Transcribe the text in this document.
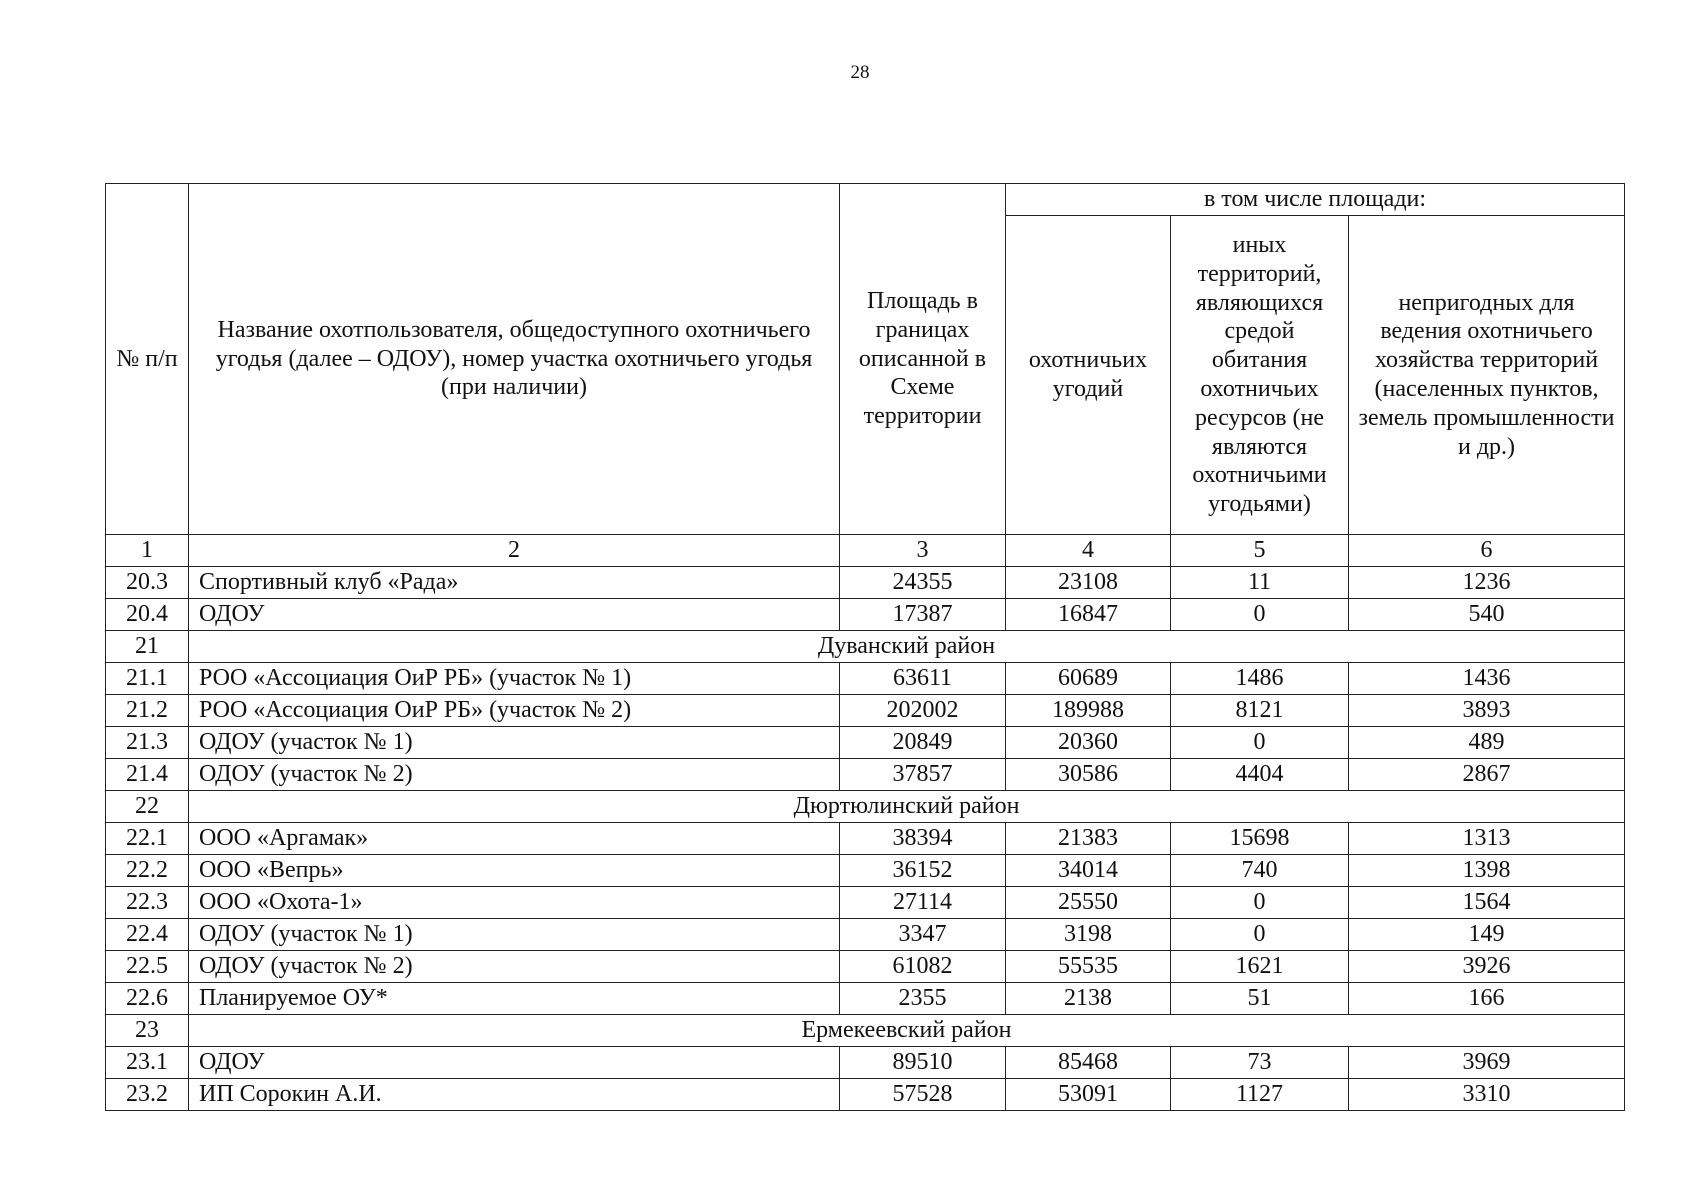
28
№ п/п	Название охотпользователя, общедоступного охотничьего угодья (далее – ОДОУ), номер участка охотничьего угодья (при наличии)	Площадь в границах описанной в Схеме территории	в том числе площади:		

			охотничьих угодий	иных территорий, являющихся средой обитания охотничьих ресурсов (не являются охотничьими угодьями)	непригодных для ведения охотничьего хозяйства территорий (населенных пунктов, земель промышленности и др.)

1	2	3	4	5	6
20.3	Спортивный клуб «Рада»	24355	23108	11	1236
20.4	ОДОУ	17387	16847	0	540
21	Дуванский район				
21.1	РОО «Ассоциация ОиР РБ» (участок № 1)	63611	60689	1486	1436
21.2	РОО «Ассоциация ОиР РБ» (участок № 2)	202002	189988	8121	3893
21.3	ОДОУ (участок № 1)	20849	20360	0	489
21.4	ОДОУ (участок № 2)	37857	30586	4404	2867
22	Дюртюлинский район				
22.1	ООО «Аргамак»	38394	21383	15698	1313
22.2	ООО «Вепрь»	36152	34014	740	1398
22.3	ООО «Охота-1»	27114	25550	0	1564
22.4	ОДОУ (участок № 1)	3347	3198	0	149
22.5	ОДОУ (участок № 2)	61082	55535	1621	3926
22.6	Планируемое ОУ*	2355	2138	51	166
23	Ермекеевский район				
23.1	ОДОУ	89510	85468	73	3969
23.2	ИП Сорокин А.И.	57528	53091	1127	3310
